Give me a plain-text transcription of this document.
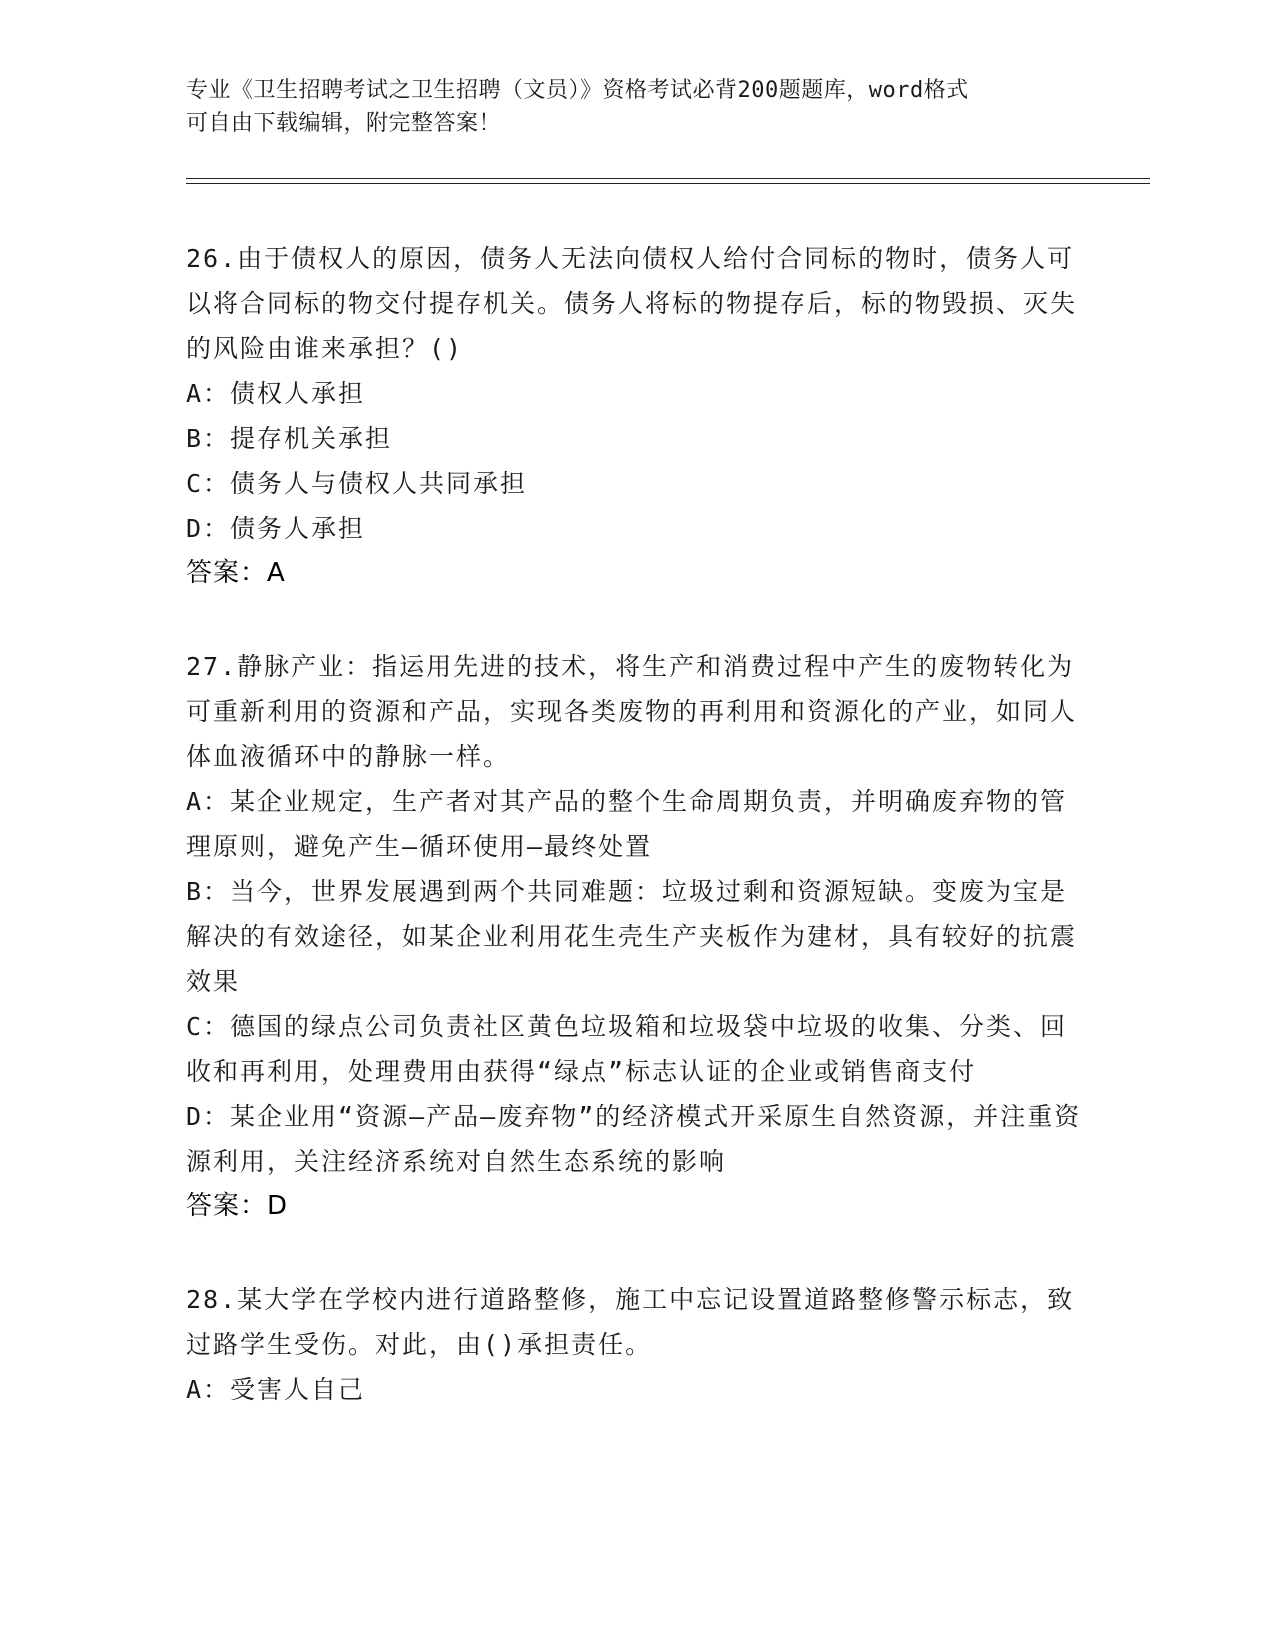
专业《卫生招聘考试之卫生招聘（文员）》资格考试必背200题题库，word格式
可自由下载编辑，附完整答案！

26.由于债权人的原因，债务人无法向债权人给付合同标的物时，债务人可以将合同标的物交付提存机关。债务人将标的物提存后，标的物毁损、灭失的风险由谁来承担？()

A：债权人承担

B：提存机关承担

C：债务人与债权人共同承担

D：债务人承担

答案：A

27.静脉产业：指运用先进的技术，将生产和消费过程中产生的废物转化为可重新利用的资源和产品，实现各类废物的再利用和资源化的产业，如同人体血液循环中的静脉一样。

A：某企业规定，生产者对其产品的整个生命周期负责，并明确废弃物的管理原则，避免产生—循环使用—最终处置

B：当今，世界发展遇到两个共同难题：垃圾过剩和资源短缺。变废为宝是解决的有效途径，如某企业利用花生壳生产夹板作为建材，具有较好的抗震效果

C：德国的绿点公司负责社区黄色垃圾箱和垃圾袋中垃圾的收集、分类、回收和再利用，处理费用由获得“绿点”标志认证的企业或销售商支付

D：某企业用“资源—产品—废弃物”的经济模式开采原生自然资源，并注重资源利用，关注经济系统对自然生态系统的影响

答案：D

28.某大学在学校内进行道路整修，施工中忘记设置道路整修警示标志，致过路学生受伤。对此，由()承担责任。

A：受害人自己
